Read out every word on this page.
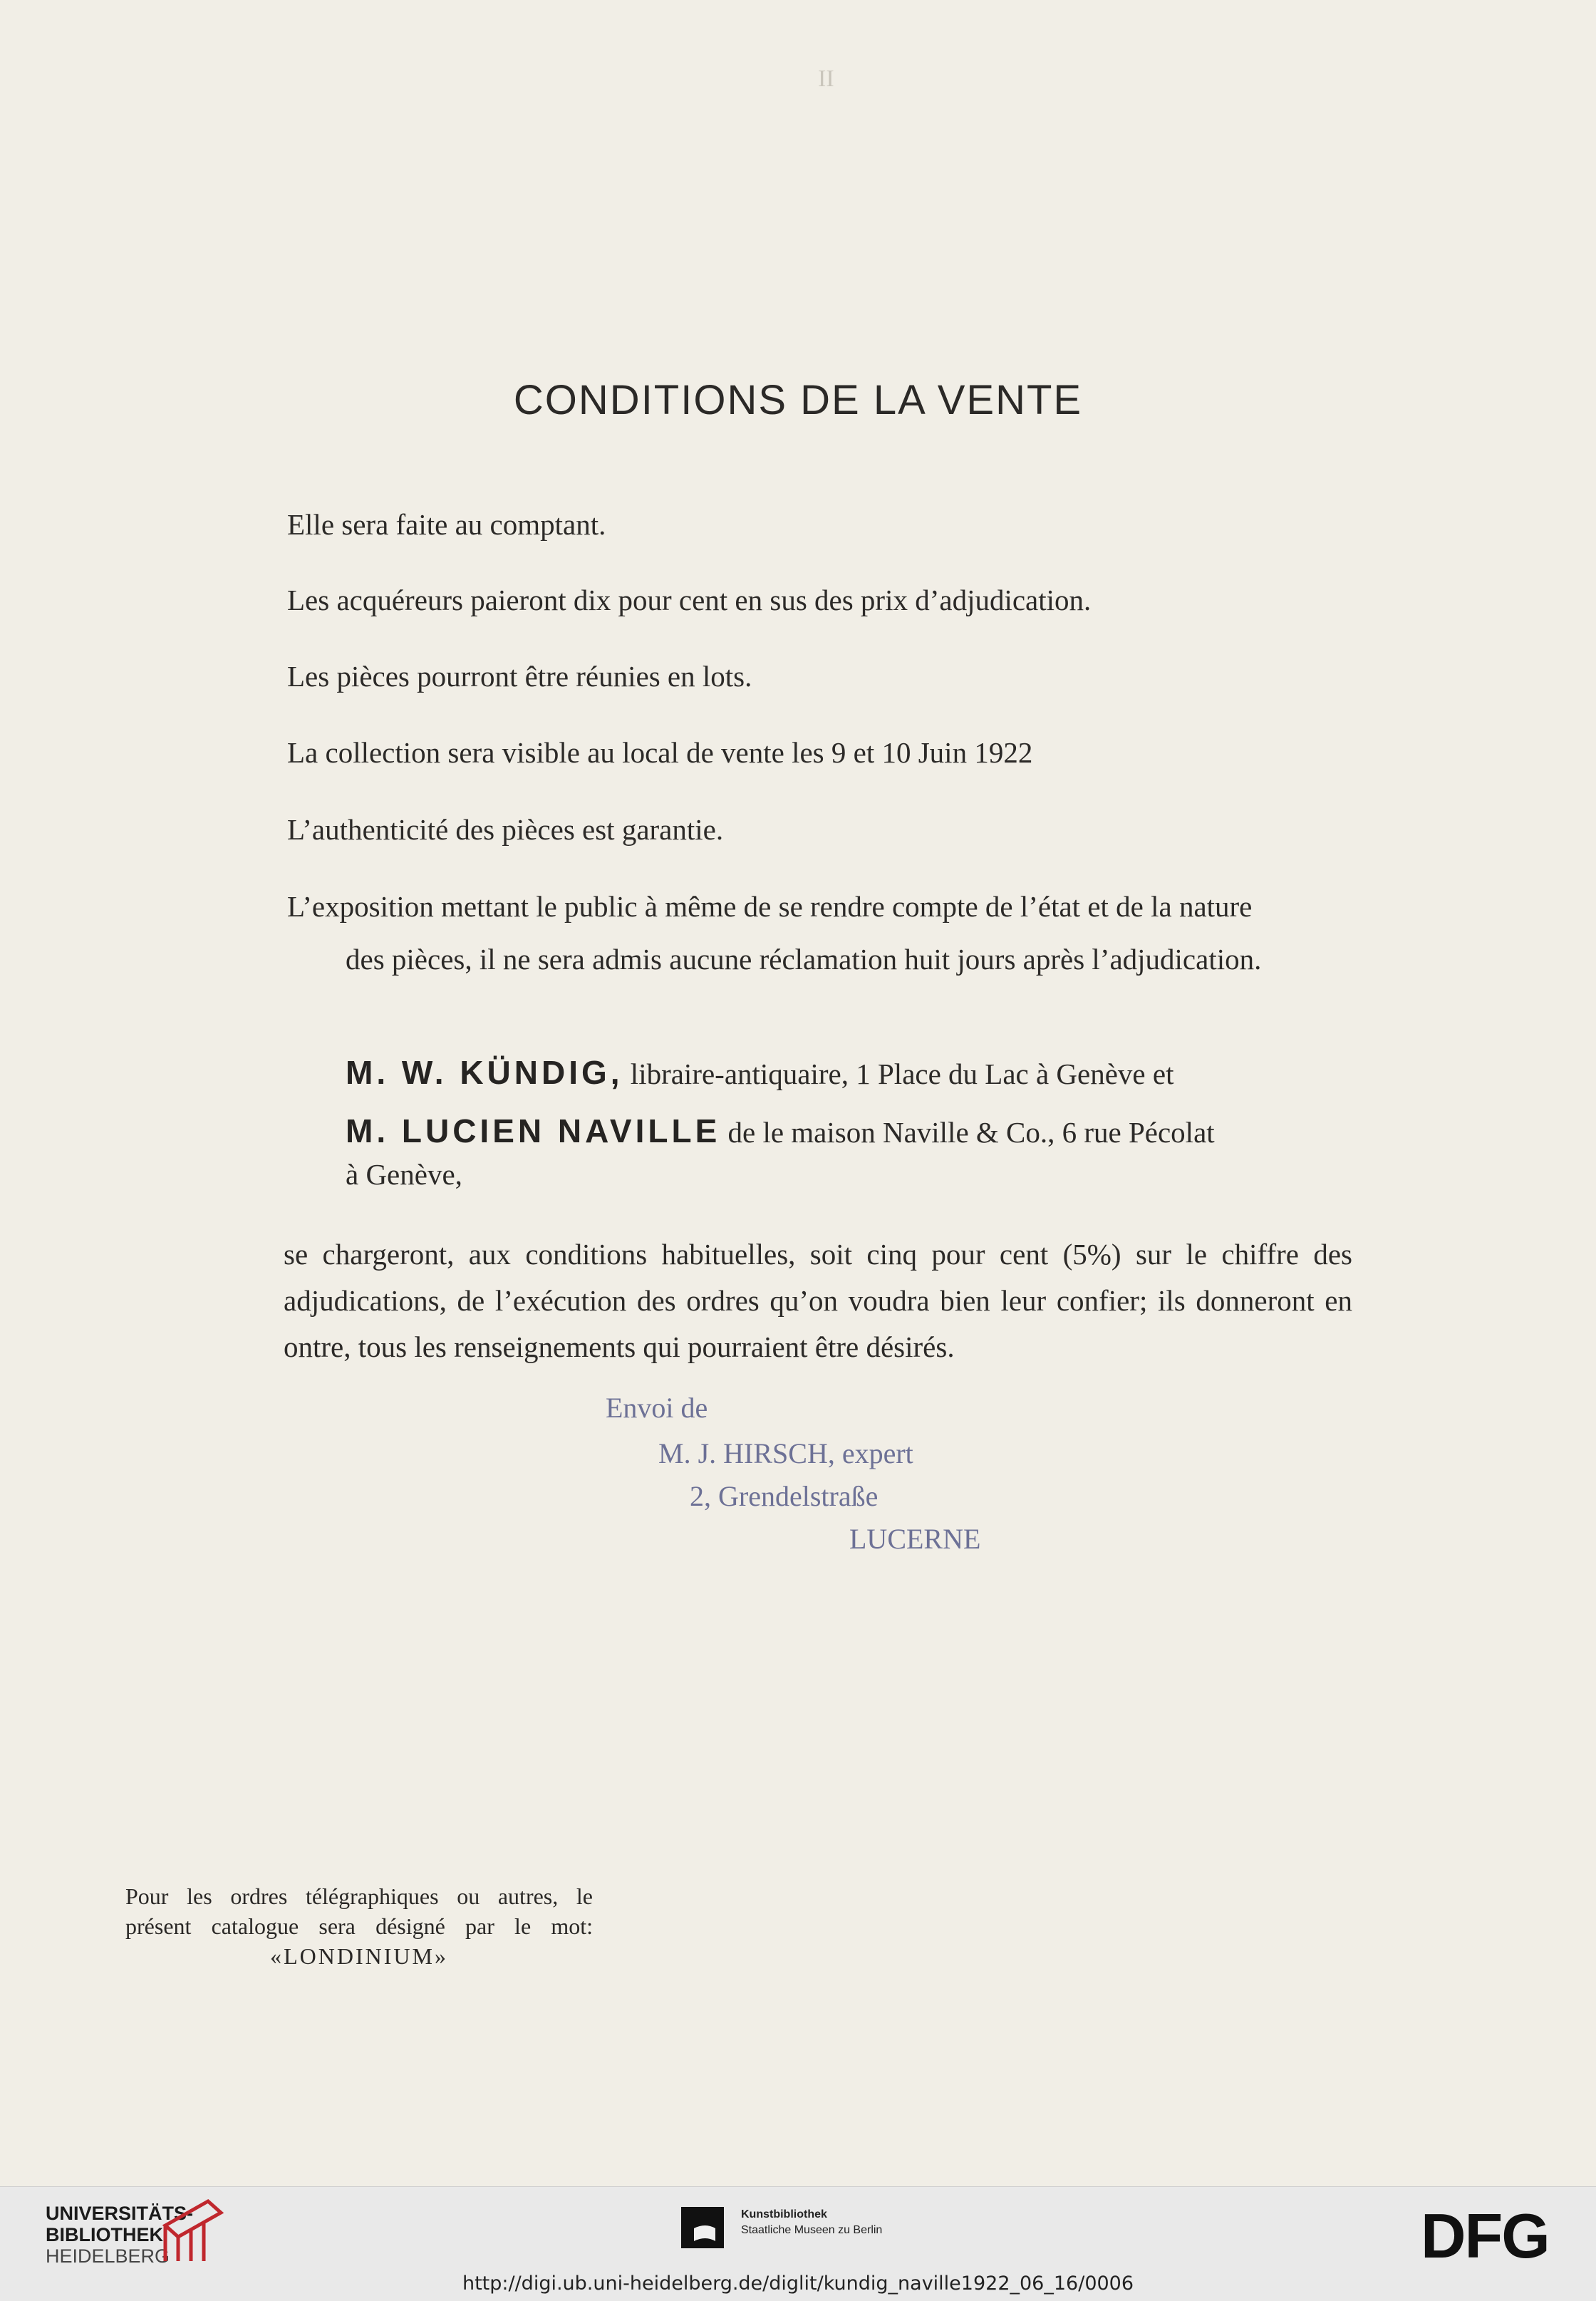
II
CONDITIONS DE LA VENTE
Elle sera faite au comptant.
Les acquéreurs paieront dix pour cent en sus des prix d’adjudication.
Les pièces pourront être réunies en lots.
La collection sera visible au local de vente les 9 et 10 Juin 1922
L’authenticité des pièces est garantie.
L’exposition mettant le public à même de se rendre compte de l’état et de la nature
des pièces, il ne sera admis aucune réclamation huit jours après l’adjudication.
M. W. KÜNDIG, libraire-antiquaire, 1 Place du Lac à Genève et
M. LUCIEN NAVILLE de le maison Naville & Co., 6 rue Pécolat
à Genève,

se chargeront, aux conditions habituelles, soit cinq pour cent (5%) sur le chiffre des adjudications, de l’exécution des ordres qu’on voudra bien leur confier; ils donneront en ontre, tous les renseignements qui pourraient être désirés.

Envoi de
M. J. HIRSCH, expert
2, Grendelstraße
LUCERNE
Pour les ordres télégraphiques ou autres, le
présent catalogue sera désigné par le mot:
«LONDINIUM»
UNIVERSITÄTS-
BIBLIOTHEK
HEIDELBERG
Kunstbibliothek
Staatliche Museen zu Berlin	DFG
http://digi.ub.uni-heidelberg.de/diglit/kundig_naville1922_06_16/0006
